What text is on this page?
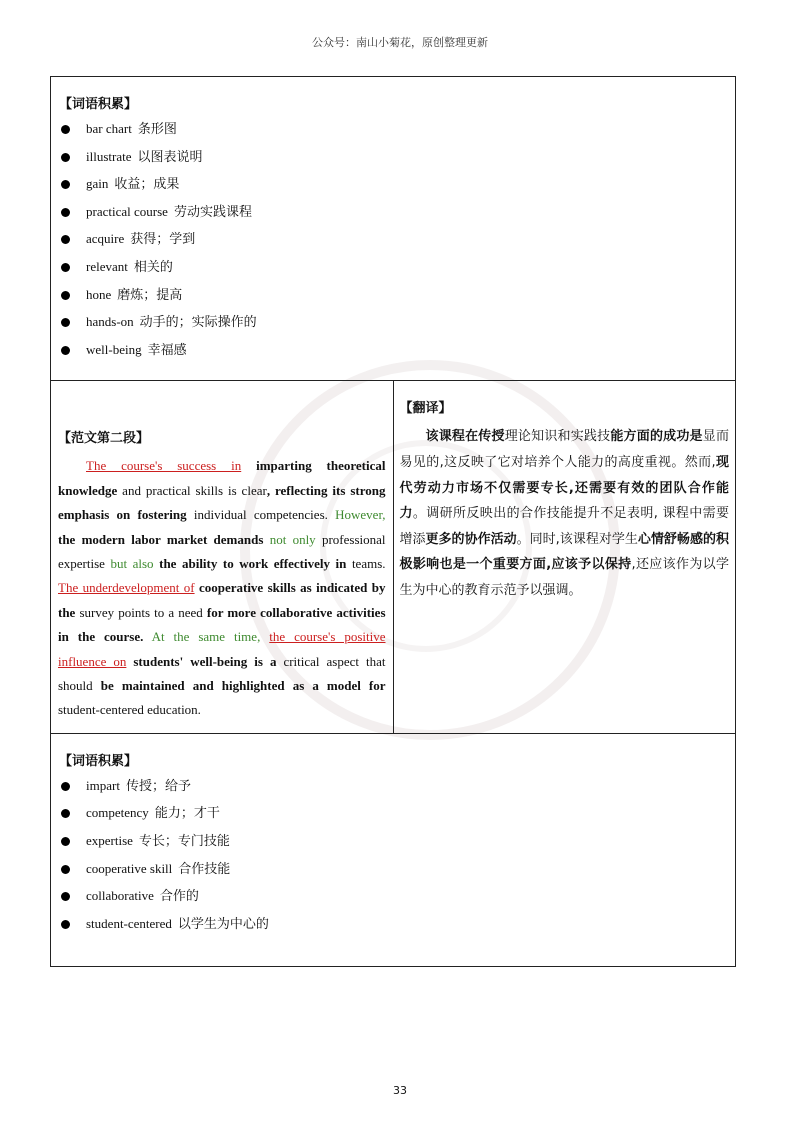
公众号：南山小菊花，原创整理更新
【词语积累】
bar chart 条形图
illustrate 以图表说明
gain 收益；成果
practical course 劳动实践课程
acquire 获得；学到
relevant 相关的
hone 磨炼；提高
hands-on 动手的；实际操作的
well-being 幸福感

【范文第二段】

The course's success in imparting theoretical knowledge and practical skills is clear, reflecting its strong emphasis on fostering individual competencies. However, the modern labor market demands not only professional expertise but also the ability to work effectively in teams. The underdevelopment of cooperative skills as indicated by the survey points to a need for more collaborative activities in the course. At the same time, the course's positive influence on students' well-being is a critical aspect that should be maintained and highlighted as a model for student-centered education.

【翻译】

该课程在传授理论知识和实践技能方面的成功是显而易见的,这反映了它对培养个人能力的高度重视。然而,现代劳动力市场不仅需要专长,还需要有效的团队合作能力。调研所反映出的合作技能提升不足表明, 课程中需要增添更多的协作活动。同时,该课程对学生心情舒畅感的积极影响也是一个重要方面,应该予以保持,还应该作为以学生为中心的教育示范予以强调。

【词语积累】
impart 传授；给予
competency 能力；才干
expertise 专长；专门技能
cooperative skill 合作技能
collaborative 合作的
student-centered 以学生为中心的
33
